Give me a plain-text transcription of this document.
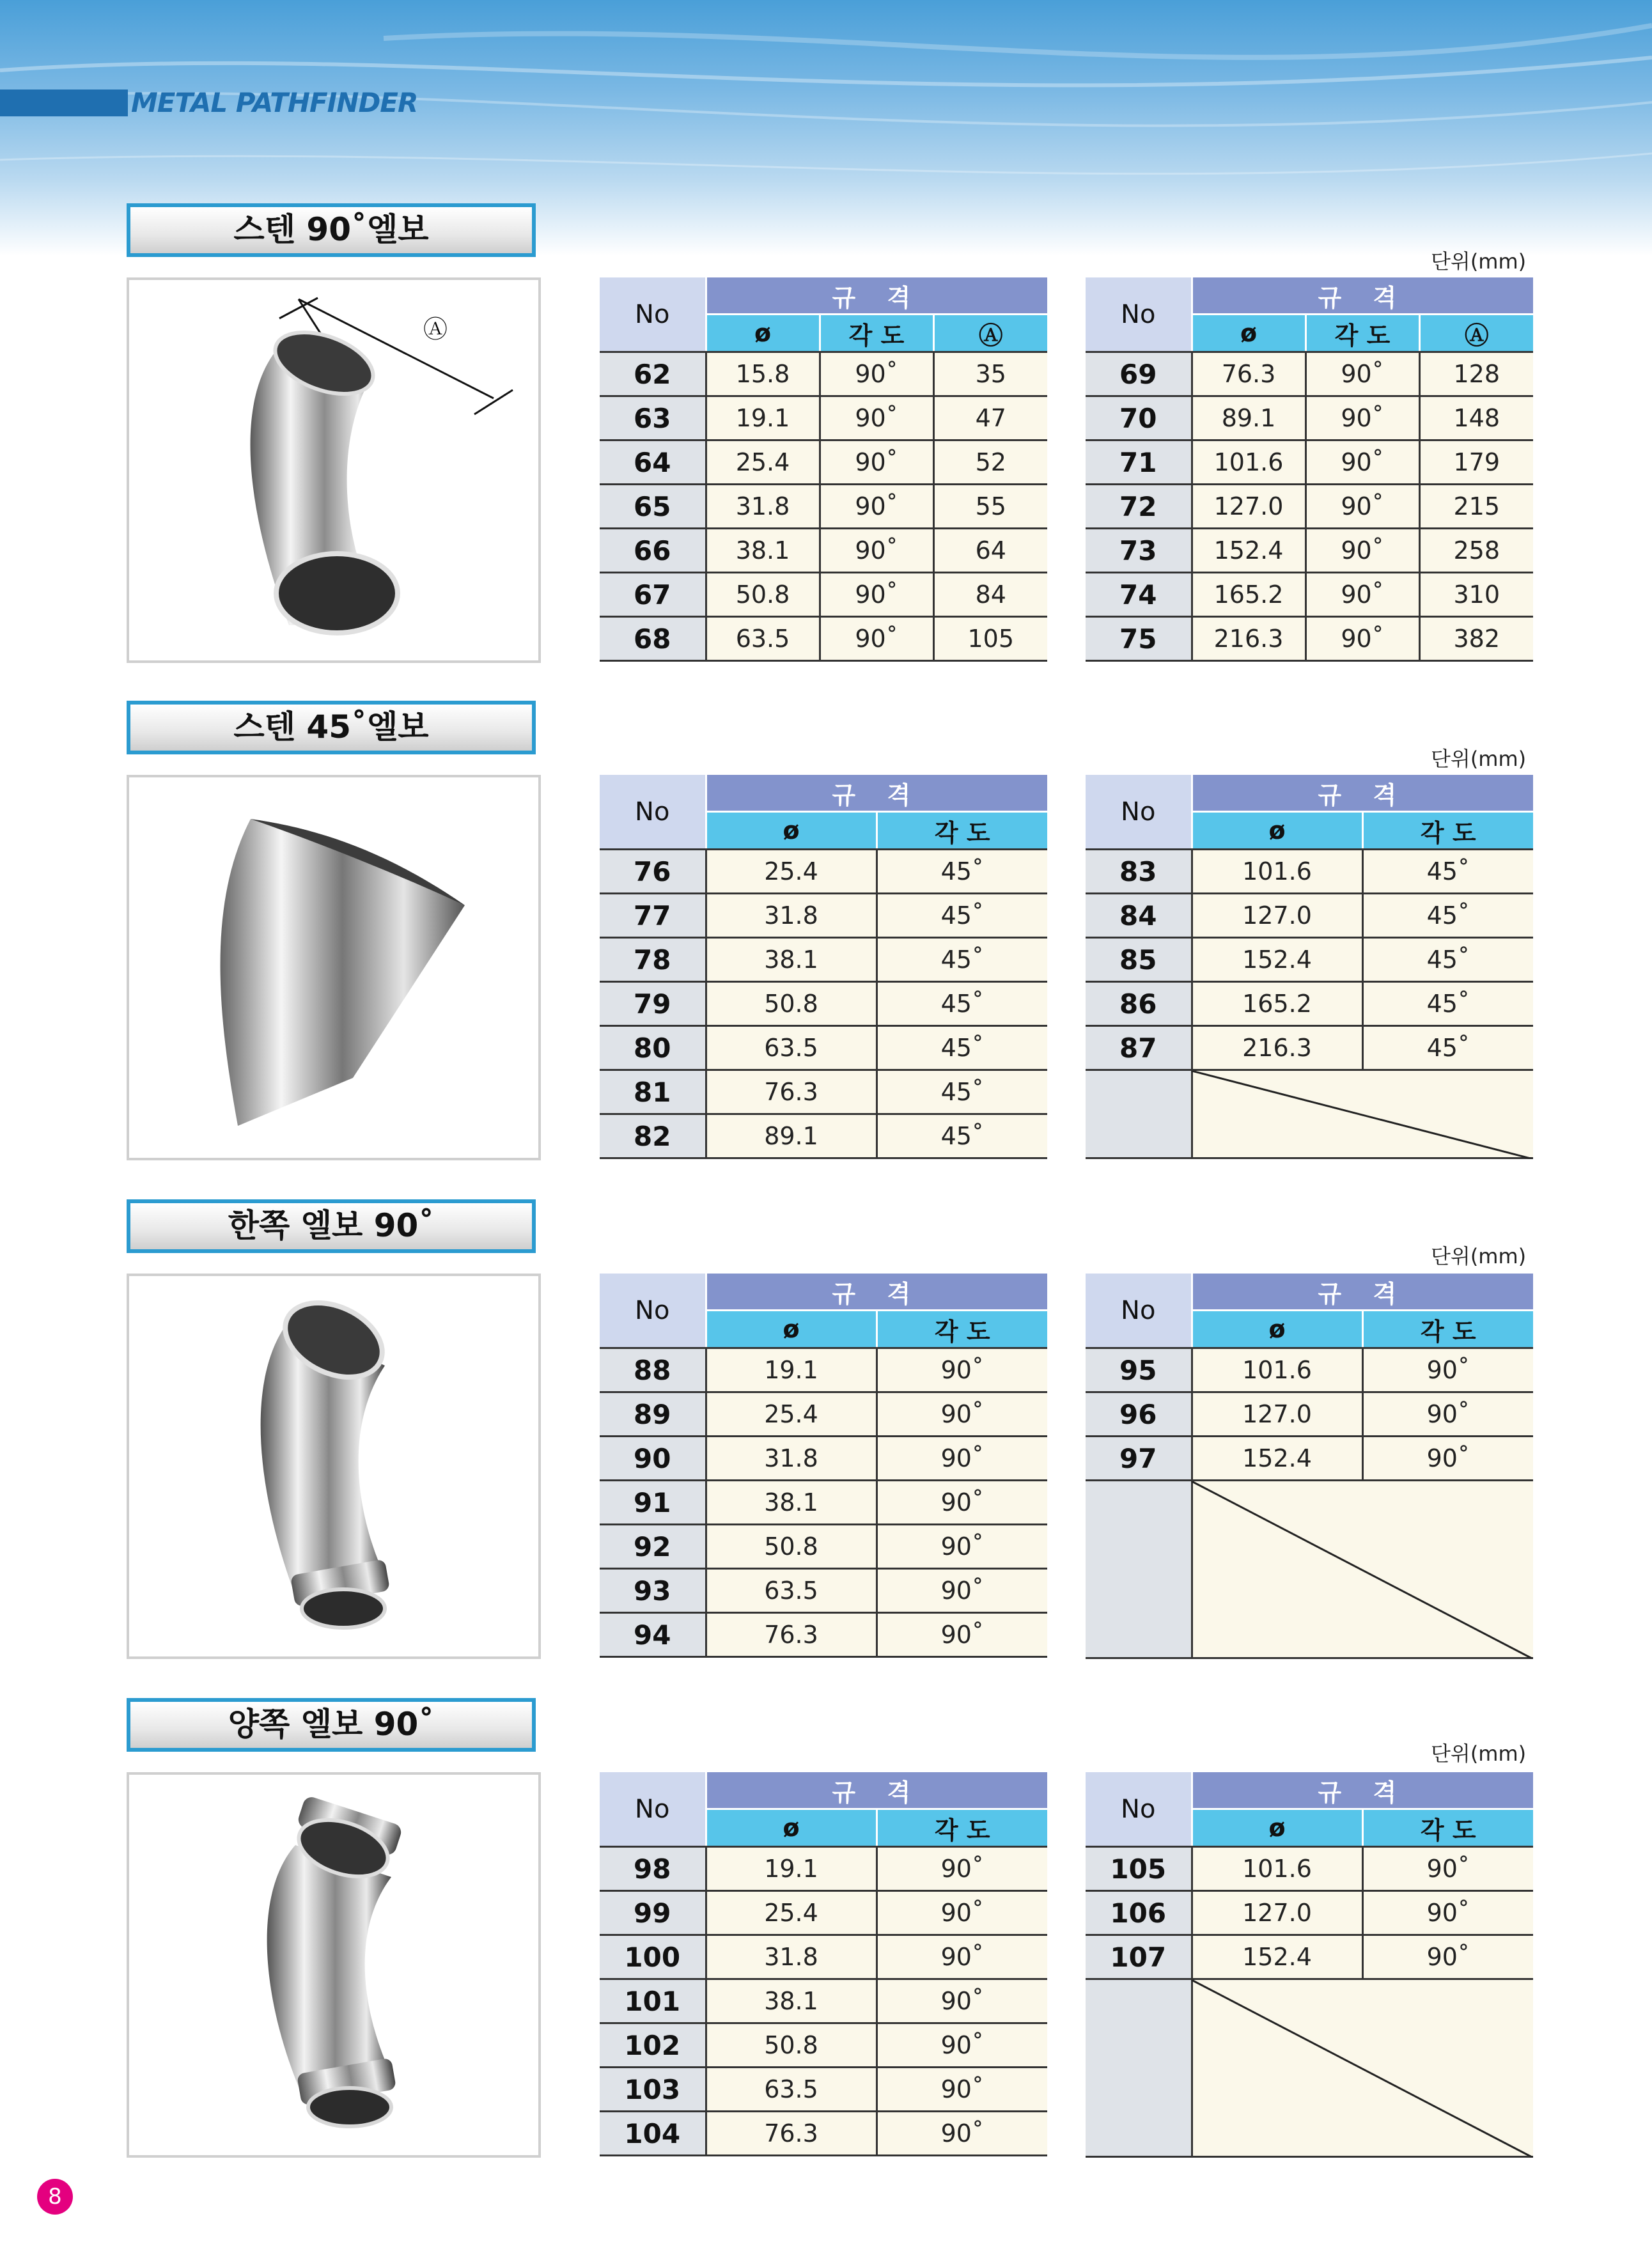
METAL PATHFINDER
스텐 90˚엘보
스텐 45˚엘보
한쪽 엘보 90˚
양쪽 엘보 90˚
단위(mm)
단위(mm)
단위(mm)
단위(mm)
Ⓐ
No	규 격		
	ø	각 도	Ⓐ
62	15.8	90˚	35
63	19.1	90˚	47
64	25.4	90˚	52
65	31.8	90˚	55
66	38.1	90˚	64
67	50.8	90˚	84
68	63.5	90˚	105
No	규 격		
	ø	각 도	Ⓐ
69	76.3	90˚	128
70	89.1	90˚	148
71	101.6	90˚	179
72	127.0	90˚	215
73	152.4	90˚	258
74	165.2	90˚	310
75	216.3	90˚	382
No	규 격	
	ø	각 도
76	25.4	45˚
77	31.8	45˚
78	38.1	45˚
79	50.8	45˚
80	63.5	45˚
81	76.3	45˚
82	89.1	45˚
No	규 격	
	ø	각 도
83	101.6	45˚
84	127.0	45˚
85	152.4	45˚
86	165.2	45˚
87	216.3	45˚

No	규 격	
	ø	각 도
88	19.1	90˚
89	25.4	90˚
90	31.8	90˚
91	38.1	90˚
92	50.8	90˚
93	63.5	90˚
94	76.3	90˚
No	규 격	
	ø	각 도
95	101.6	90˚
96	127.0	90˚
97	152.4	90˚

No	규 격	
	ø	각 도
98	19.1	90˚
99	25.4	90˚
100	31.8	90˚
101	38.1	90˚
102	50.8	90˚
103	63.5	90˚
104	76.3	90˚
No	규 격	
	ø	각 도
105	101.6	90˚
106	127.0	90˚
107	152.4	90˚

8
